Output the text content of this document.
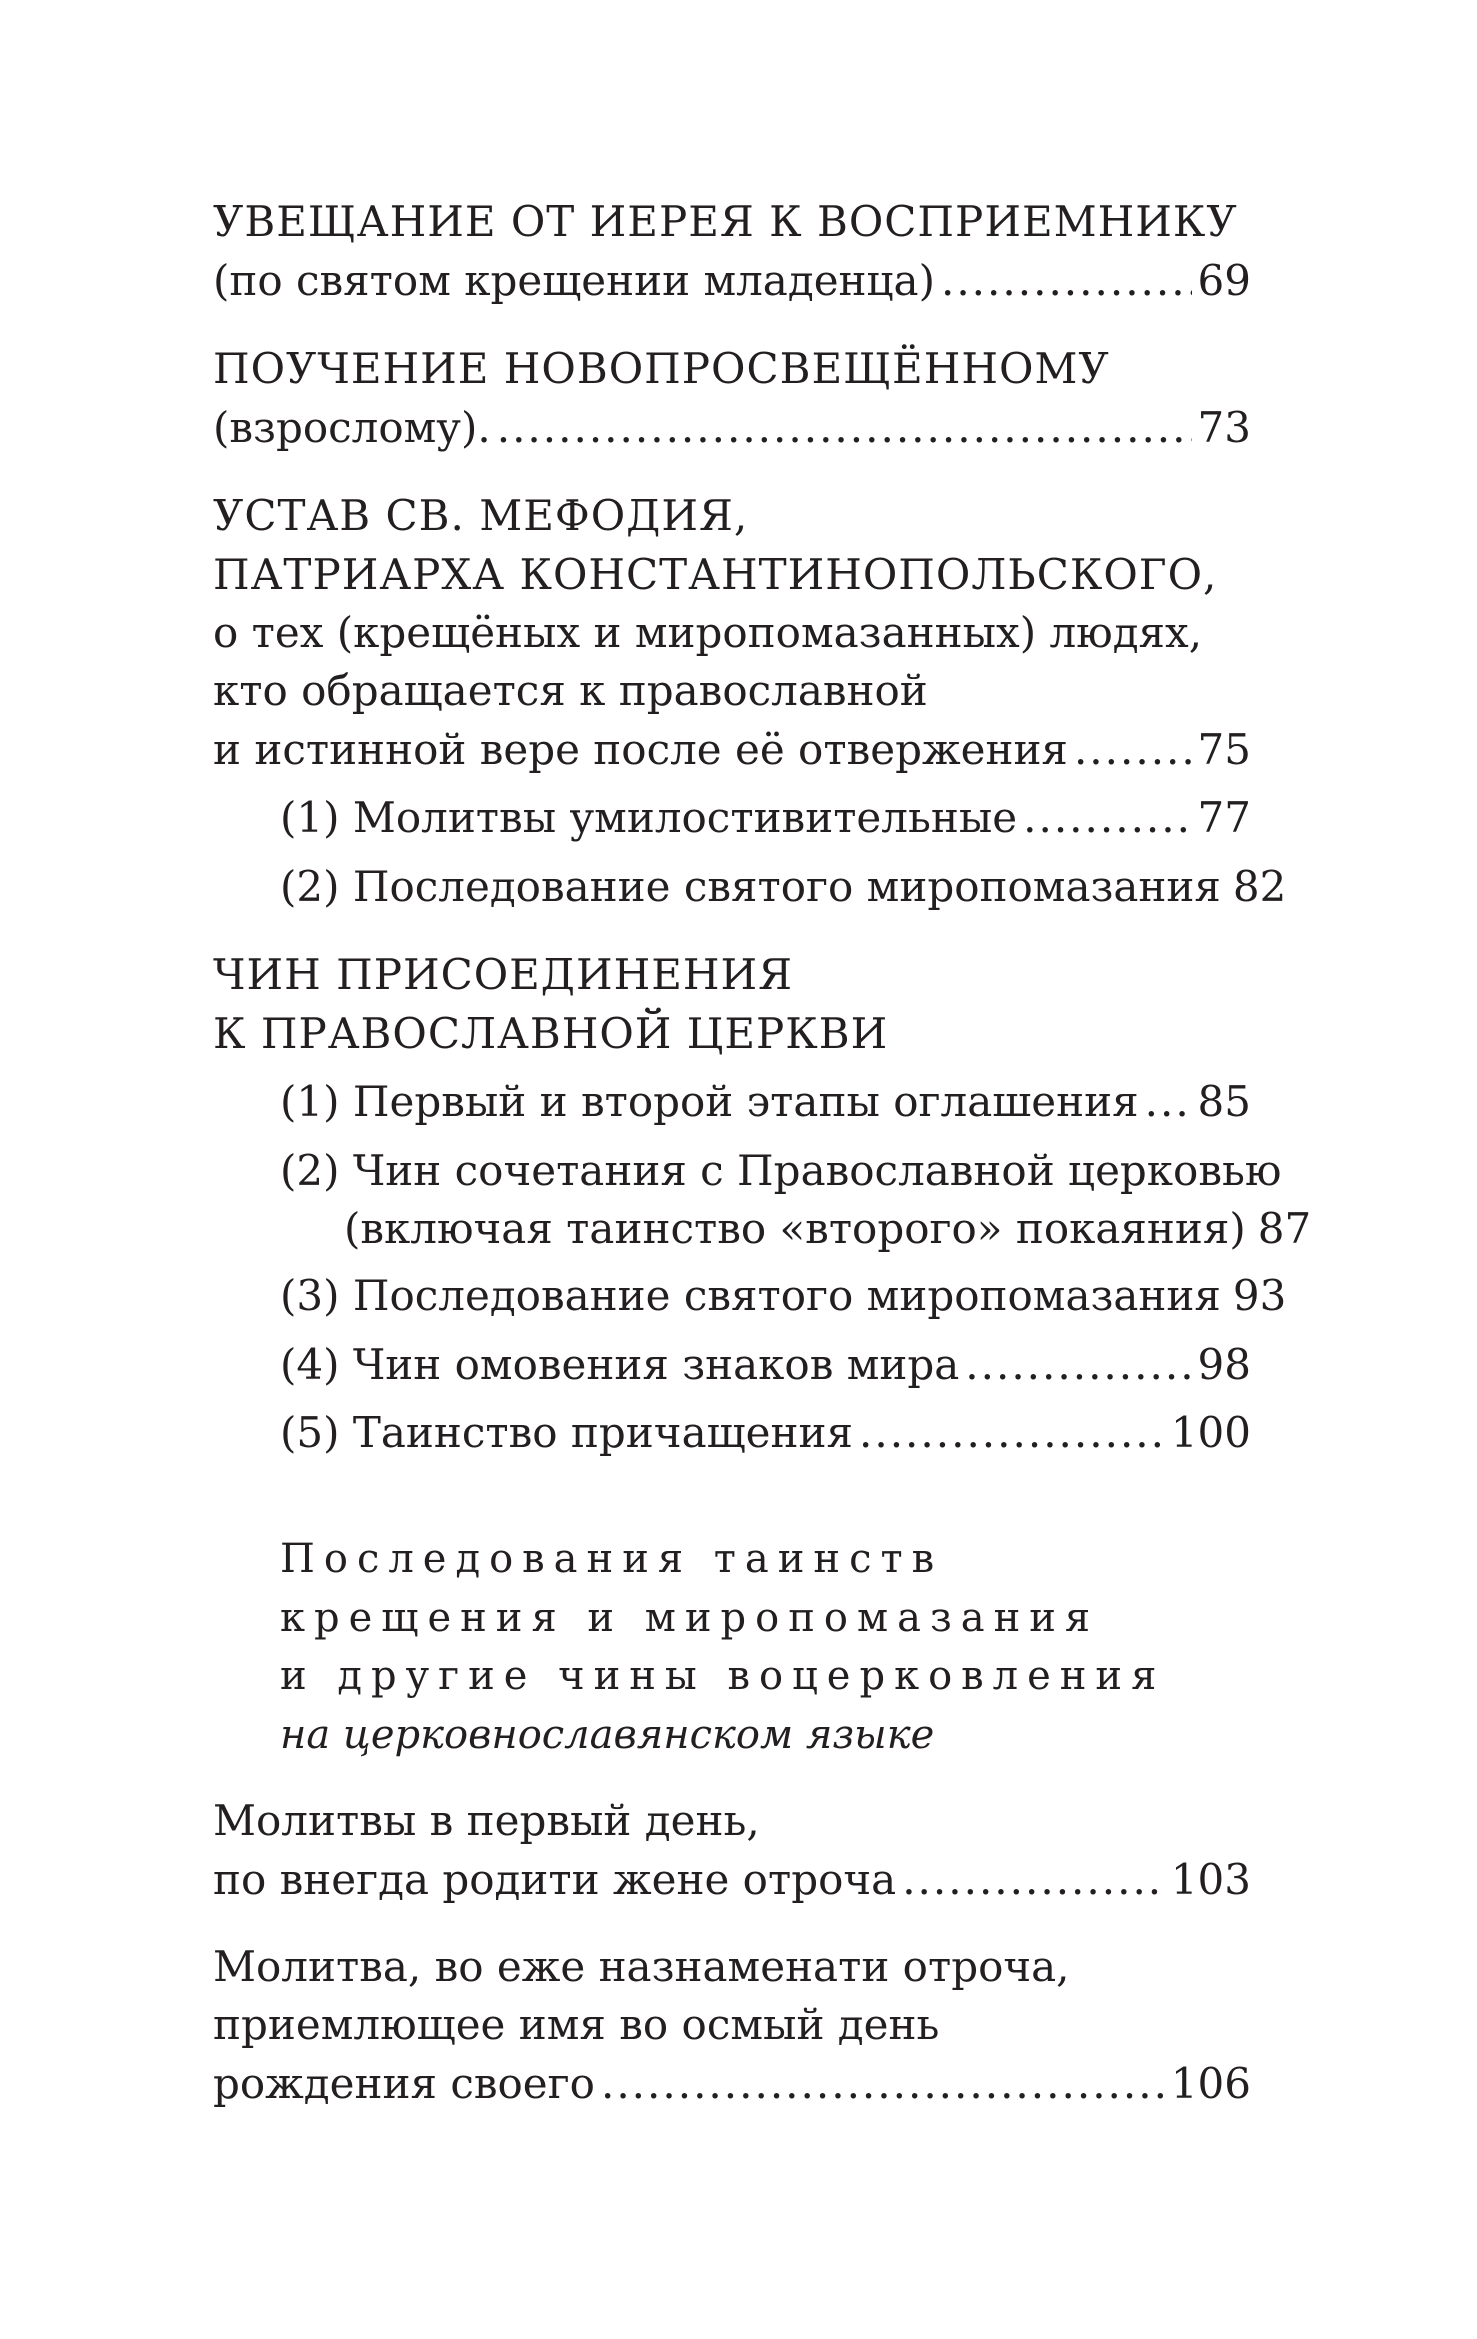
УВЕЩАНИЕ ОТ ИЕРЕЯ К ВОСПРИЕМНИКУ
(по святом крещении младенца) .....	69
ПОУЧЕНИЕ НОВОПРОСВЕЩЁННОМУ
(взрослому). .....	73
УСТАВ СВ. МЕФОДИЯ,
ПАТРИАРХА КОНСТАНТИНОПОЛЬСКОГО,
о тех (крещёных и миропомазанных) людях,
кто обращается к православной
и истинной вере после её отвержения .....	75
(1) Молитвы умилостивительные .....	77
(2) Последование святого миропомазания 82
ЧИН ПРИСОЕДИНЕНИЯ
К ПРАВОСЛАВНОЙ ЦЕРКВИ
(1) Первый и второй этапы оглашения ..... 85
(2) Чин сочетания с Православной церковью
(включая таинство «второго» покаяния) 87
(3) Последование святого миропомазания 93
(4) Чин омовения знаков мира .....	98
(5) Таинство причащения .....	100
Последования таинств
крещения и миропомазания
и другие чины воцерковления
на церковнославянском языке
Молитвы в первый день,
по внегда родити жене отроча .....	103
Молитва, во еже назнаменати отроча,
приемлющее имя во осмый день
рождения своего .....	106
